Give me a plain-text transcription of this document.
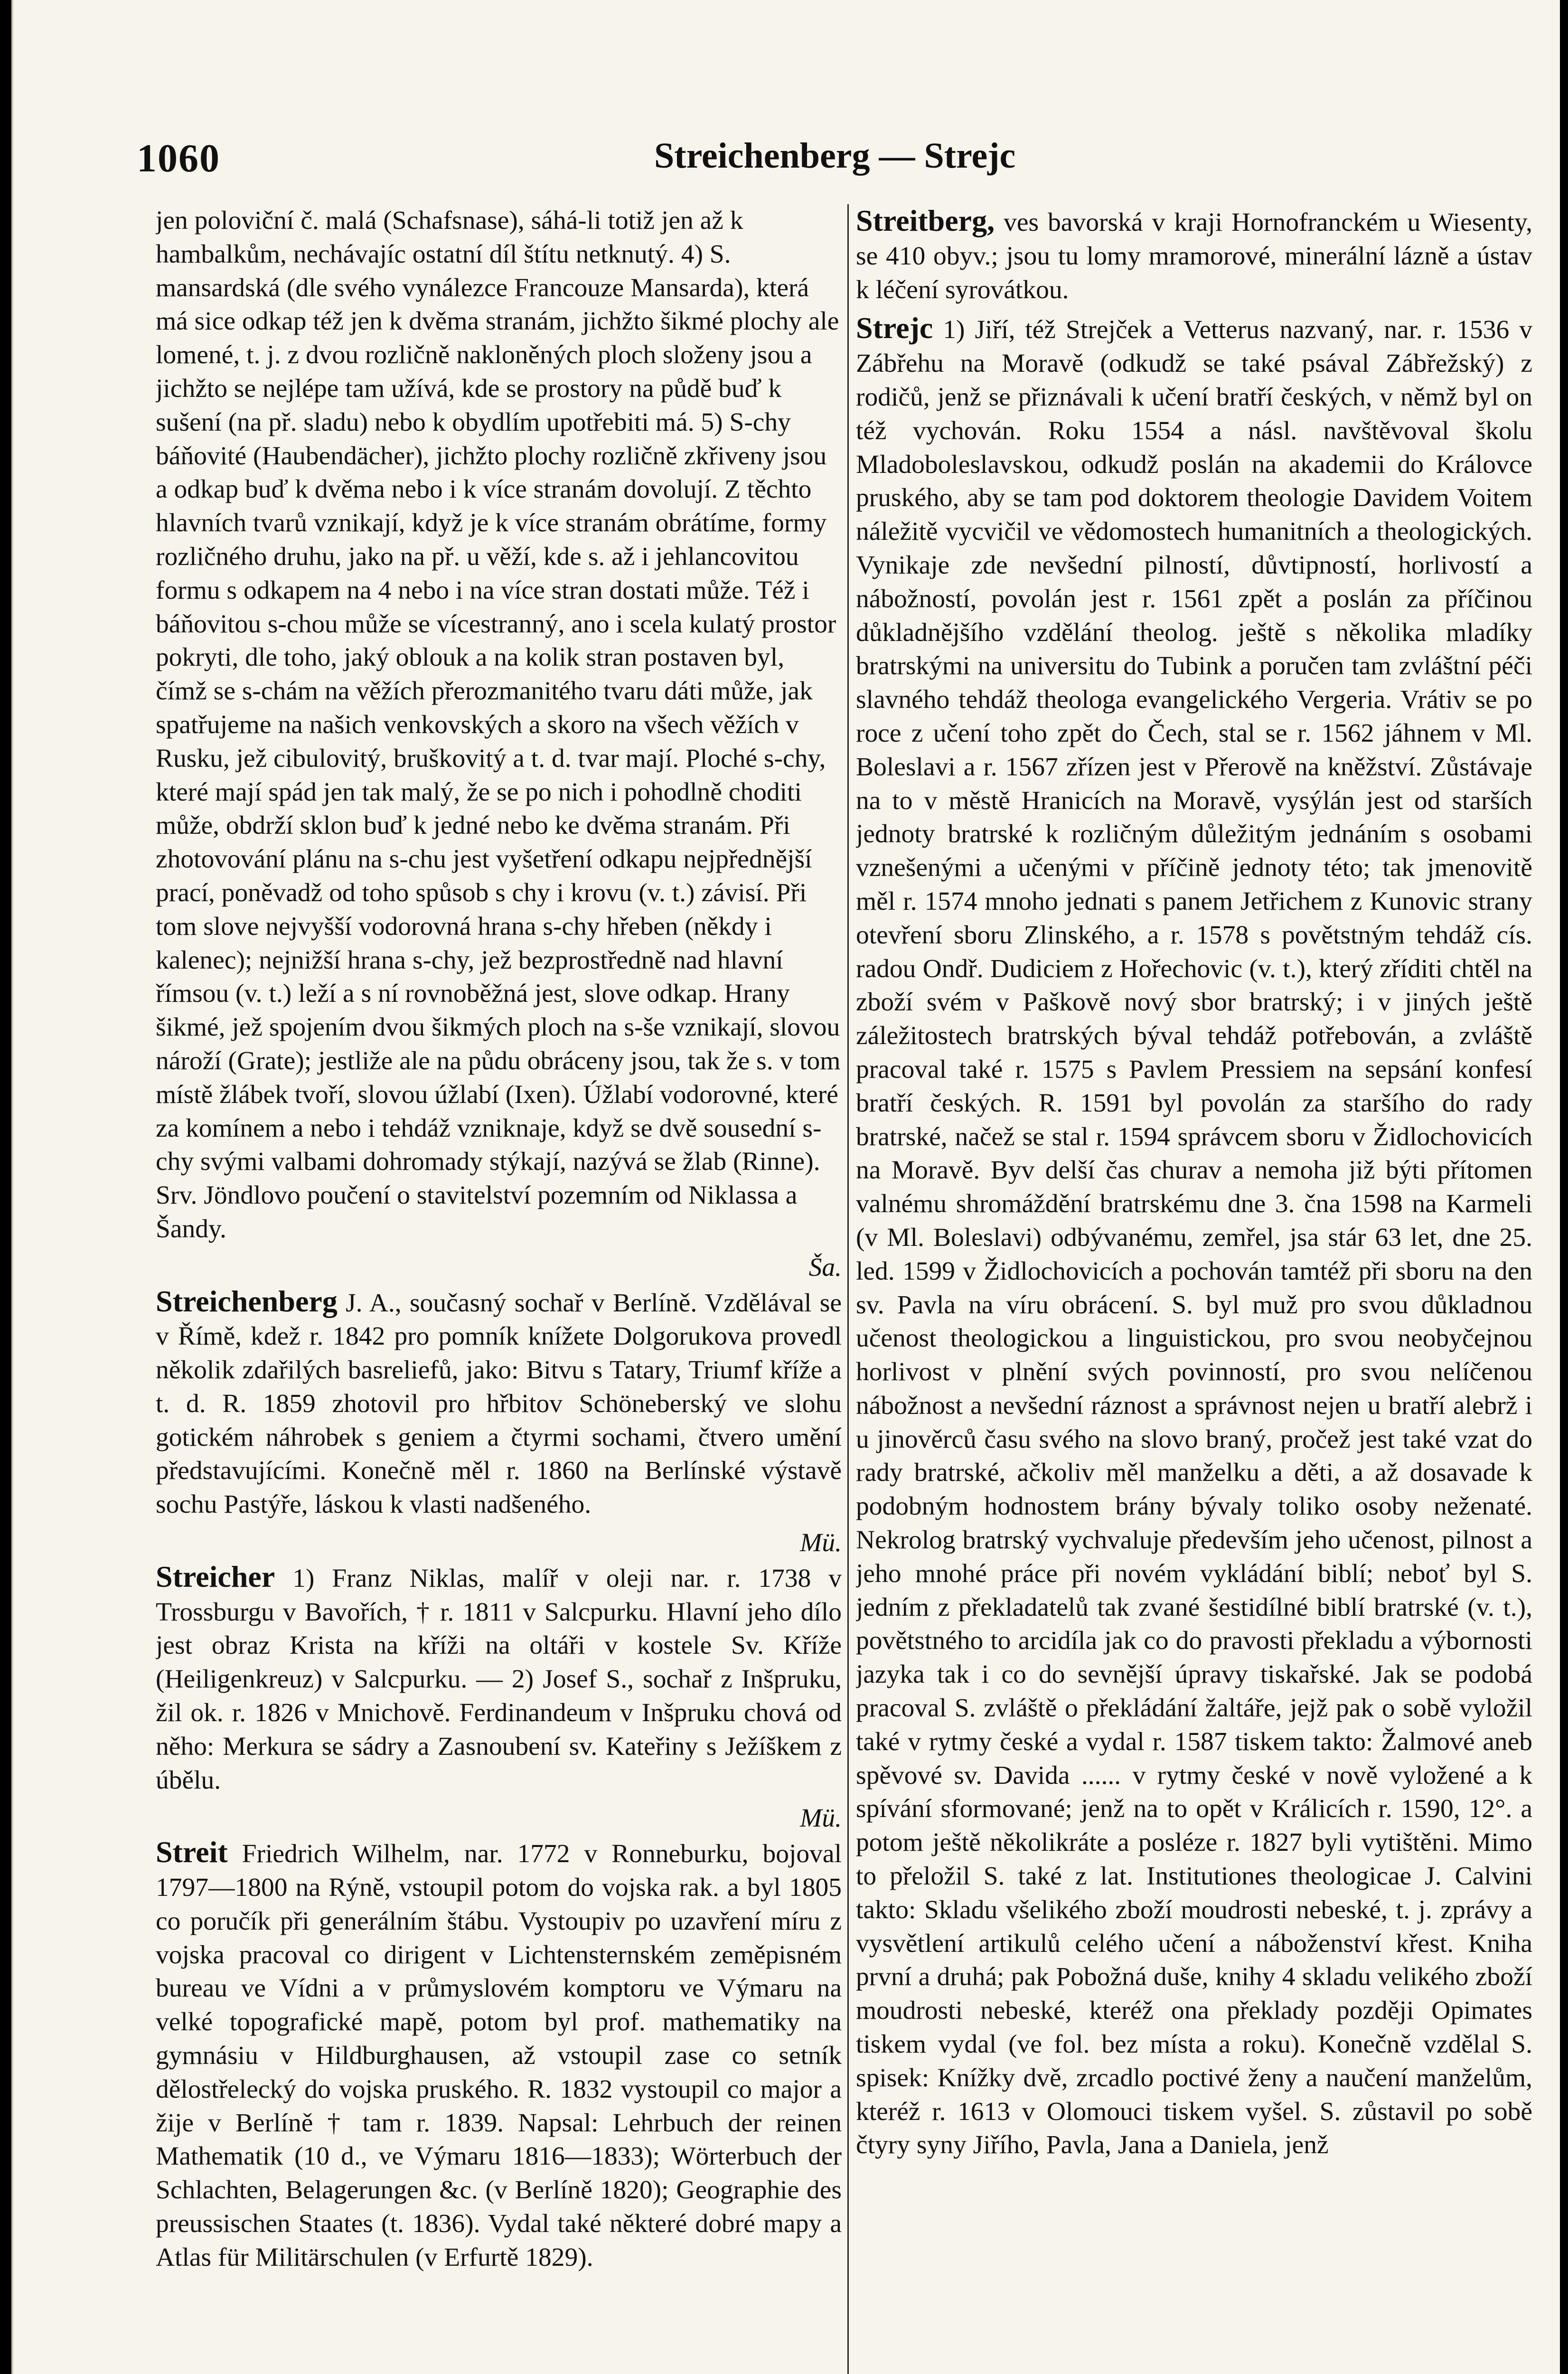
1060	Streichenberg — Strejc

jen poloviční č. malá (Schafsnase), sáhá-li totiž jen až k hambalkům, nechávajíc ostatní díl štítu netknutý. 4) S. mansardská (dle svého vynálezce Francouze Mansarda), která má sice odkap též jen k dvěma stranám, jichžto šikmé plochy ale lomené, t. j. z dvou rozličně nakloněných ploch složeny jsou a jichžto se nejlépe tam užívá, kde se prostory na půdě buď k sušení (na př. sladu) nebo k obydlím upotřebiti má. 5) S-chy báňovité (Haubendächer), jichžto plochy rozličně zkřiveny jsou a odkap buď k dvěma nebo i k více stranám dovolují. Z těchto hlavních tvarů vznikají, když je k více stranám obrátíme, formy rozličného druhu, jako na př. u věží, kde s. až i jehlancovitou formu s odkapem na 4 nebo i na více stran dostati může. Též i báňovitou s-chou může se vícestranný, ano i scela kulatý prostor pokryti, dle toho, jaký oblouk a na kolik stran postaven byl, čímž se s-chám na věžích přerozmanitého tvaru dáti může, jak spatřujeme na našich venkovských a skoro na všech věžích v Rusku, jež cibulovitý, bruškovitý a t. d. tvar mají. Ploché s-chy, které mají spád jen tak malý, že se po nich i pohodlně choditi může, obdrží sklon buď k jedné nebo ke dvěma stranám. Při zhotovování plánu na s-chu jest vyšetření odkapu nejpřednější prací, poněvadž od toho spůsob s chy i krovu (v. t.) závisí. Při tom slove nejvyšší vodorovná hrana s-chy hřeben (někdy i kalenec); nejnižší hrana s-chy, jež bezprostředně nad hlavní římsou (v. t.) leží a s ní rovnoběžná jest, slove odkap. Hrany šikmé, jež spojením dvou šikmých ploch na s-še vznikají, slovou nároží (Grate); jestliže ale na půdu obráceny jsou, tak že s. v tom místě žlábek tvoří, slovou úžlabí (Ixen). Úžlabí vodorovné, které za komínem a nebo i tehdáž vzniknaje, když se dvě sousední s-chy svými valbami dohromady stýkají, nazývá se žlab (Rinne). Srv. Jöndlovo poučení o stavitelství pozemním od Niklassa a Šandy.

Ša.

Streichenberg J. A., současný sochař v Berlíně. Vzdělával se v Římě, kdež r. 1842 pro pomník knížete Dolgorukova provedl několik zdařilých basreliefů, jako: Bitvu s Tatary, Triumf kříže a t. d. R. 1859 zhotovil pro hřbitov Schöneberský ve slohu gotickém náhrobek s geniem a čtyrmi sochami, čtvero umění představujícími. Konečně měl r. 1860 na Berlínské výstavě sochu Pastýře, láskou k vlasti nadšeného.

Mü.

Streicher 1) Franz Niklas, malíř v oleji nar. r. 1738 v Trossburgu v Bavořích, † r. 1811 v Salcpurku. Hlavní jeho dílo jest obraz Krista na kříži na oltáři v kostele Sv. Kříže (Heiligenkreuz) v Salcpurku. — 2) Josef S., sochař z Inšpruku, žil ok. r. 1826 v Mnichově. Ferdinandeum v Inšpruku chová od něho: Merkura se sádry a Zasnoubení sv. Kateřiny s Ježíškem z úbělu.

Mü.

Streit Friedrich Wilhelm, nar. 1772 v Ronneburku, bojoval 1797—1800 na Rýně, vstoupil potom do vojska rak. a byl 1805 co poručík při generálním štábu. Vystoupiv po uzavření míru z vojska pracoval co dirigent v Lichtensternském zeměpisném bureau ve Vídni a v průmyslovém komptoru ve Výmaru na velké topografické mapě, potom byl prof. mathematiky na gymnásiu v Hildburghausen, až vstoupil zase co setník dělostřelecký do vojska pruského. R. 1832 vystoupil co major a žije v Berlíně † tam r. 1839. Napsal: Lehrbuch der reinen Mathematik (10 d., ve Výmaru 1816—1833); Wörterbuch der Schlachten, Belagerungen &c. (v Berlíně 1820); Geographie des preussischen Staates (t. 1836). Vydal také některé dobré mapy a Atlas für Militärschulen (v Erfurtě 1829).

Streitberg, ves bavorská v kraji Hornofranckém u Wiesenty, se 410 obyv.; jsou tu lomy mramorové, minerální lázně a ústav k léčení syrovátkou.

Strejc 1) Jiří, též Strejček a Vetterus nazvaný, nar. r. 1536 v Zábřehu na Moravě (odkudž se také psával Zábřežský) z rodičů, jenž se přiznávali k učení bratří českých, v němž byl on též vychován. Roku 1554 a násl. navštěvoval školu Mladoboleslavskou, odkudž poslán na akademii do Královce pruského, aby se tam pod doktorem theologie Davidem Voitem náležitě vycvičil ve vědomostech humanitních a theologických. Vynikaje zde nevšední pilností, důvtipností, horlivostí a nábožností, povolán jest r. 1561 zpět a poslán za příčinou důkladnějšího vzdělání theolog. ještě s několika mladíky bratrskými na universitu do Tubink a poručen tam zvláštní péči slavného tehdáž theologa evangelického Vergeria. Vrátiv se po roce z učení toho zpět do Čech, stal se r. 1562 jáhnem v Ml. Boleslavi a r. 1567 zřízen jest v Přerově na kněžství. Zůstávaje na to v městě Hranicích na Moravě, vysýlán jest od starších jednoty bratrské k rozličným důležitým jednáním s osobami vznešenými a učenými v příčině jednoty této; tak jmenovitě měl r. 1574 mnoho jednati s panem Jetřichem z Kunovic strany otevření sboru Zlinského, a r. 1578 s povětstným tehdáž cís. radou Ondř. Dudiciem z Hořechovic (v. t.), který zříditi chtěl na zboží svém v Paškově nový sbor bratrský; i v jiných ještě záležitostech bratrských býval tehdáž potřebován, a zvláště pracoval také r. 1575 s Pavlem Pressiem na sepsání konfesí bratří českých. R. 1591 byl povolán za staršího do rady bratrské, načež se stal r. 1594 správcem sboru v Židlochovicích na Moravě. Byv delší čas churav a nemoha již býti přítomen valnému shromáždění bratrskému dne 3. čna 1598 na Karmeli (v Ml. Boleslavi) odbývanému, zemřel, jsa stár 63 let, dne 25. led. 1599 v Židlochovicích a pochován tamtéž při sboru na den sv. Pavla na víru obrácení. S. byl muž pro svou důkladnou učenost theologickou a linguistickou, pro svou neobyčejnou horlivost v plnění svých povinností, pro svou nelíčenou nábožnost a nevšední ráznost a správnost nejen u bratří alebrž i u jinověrců času svého na slovo braný, pročež jest také vzat do rady bratrské, ačkoliv měl manželku a děti, a až dosavade k podobným hodnostem brány bývaly toliko osoby neženaté. Nekrolog bratrský vychvaluje především jeho učenost, pilnost a jeho mnohé práce při novém vykládání biblí; neboť byl S. jedním z překladatelů tak zvané šestidílné biblí bratrské (v. t.), povětstného to arcidíla jak co do pravosti překladu a výbornosti jazyka tak i co do sevnější úpravy tiskařské. Jak se podobá pracoval S. zvláště o překládání žaltáře, jejž pak o sobě vyložil také v rytmy české a vydal r. 1587 tiskem takto: Žalmové aneb spěvové sv. Davida ...... v rytmy české v nově vyložené a k spívání sformované; jenž na to opět v Králicích r. 1590, 12°. a potom ještě několikráte a posléze r. 1827 byli vytištěni. Mimo to přeložil S. také z lat. Institutiones theologicae J. Calvini takto: Skladu všelikého zboží moudrosti nebeské, t. j. zprávy a vysvětlení artikulů celého učení a náboženství křest. Kniha první a druhá; pak Pobožná duše, knihy 4 skladu velikého zboží moudrosti nebeské, kteréž ona překlady později Opimates tiskem vydal (ve fol. bez místa a roku). Konečně vzdělal S. spisek: Knížky dvě, zrcadlo poctivé ženy a naučení manželům, kteréž r. 1613 v Olomouci tiskem vyšel. S. zůstavil po sobě čtyry syny Jiřího, Pavla, Jana a Daniela, jenž
